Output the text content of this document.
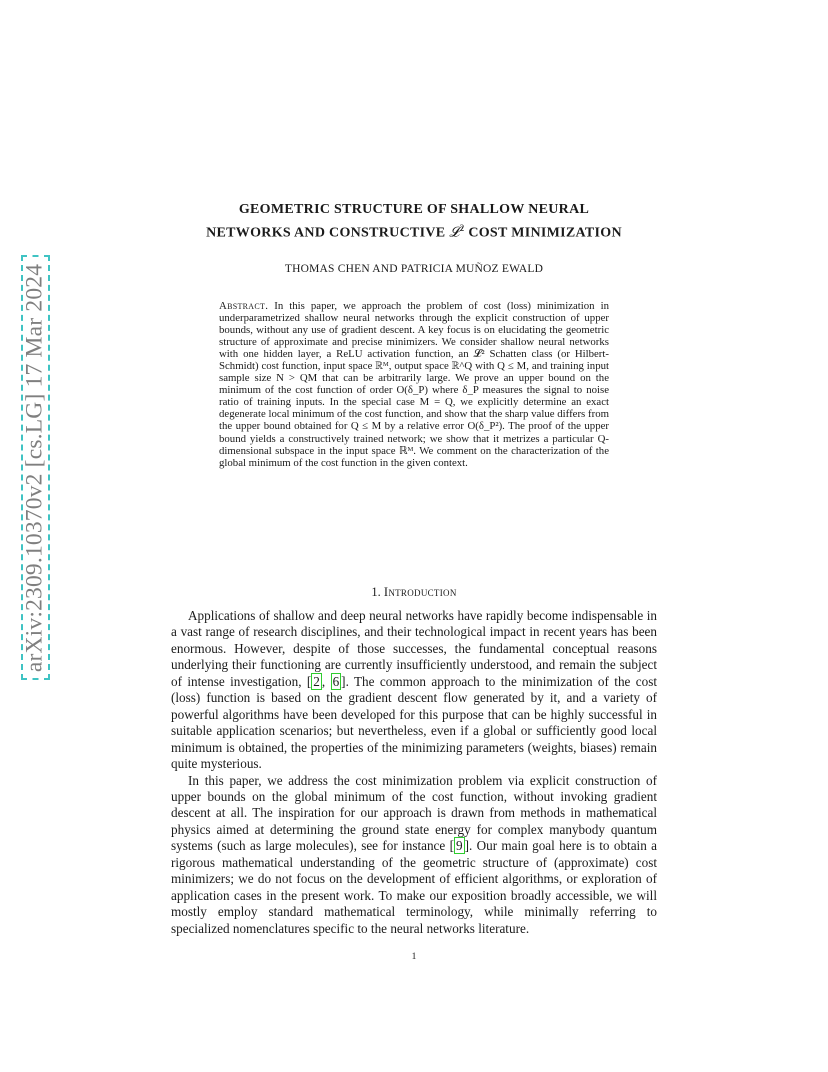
arXiv:2309.10370v2 [cs.LG] 17 Mar 2024
GEOMETRIC STRUCTURE OF SHALLOW NEURAL
NETWORKS AND CONSTRUCTIVE 𝓛$^2$ COST MINIMIZATION
THOMAS CHEN AND PATRICIA MUÑOZ EWALD
Abstract. In this paper, we approach the problem of cost (loss) minimization in underparametrized shallow neural networks through the explicit construction of upper bounds, without any use of gradient descent. A key focus is on elucidating the geometric structure of approximate and precise minimizers. We consider shallow neural networks with one hidden layer, a ReLU activation function, an 𝓛² Schatten class (or Hilbert-Schmidt) cost function, input space ℝᴹ, output space ℝ^Q with Q ≤ M, and training input sample size N > QM that can be arbitrarily large. We prove an upper bound on the minimum of the cost function of order O(δ_P) where δ_P measures the signal to noise ratio of training inputs. In the special case M = Q, we explicitly determine an exact degenerate local minimum of the cost function, and show that the sharp value differs from the upper bound obtained for Q ≤ M by a relative error O(δ_P²). The proof of the upper bound yields a constructively trained network; we show that it metrizes a particular Q-dimensional subspace in the input space ℝᴹ. We comment on the characterization of the global minimum of the cost function in the given context.
1. Introduction

Applications of shallow and deep neural networks have rapidly become indispensable in a vast range of research disciplines, and their technological impact in recent years has been enormous. However, despite of those successes, the fundamental conceptual reasons underlying their functioning are currently insufficiently understood, and remain the subject of intense investigation, [ 2 , 6 ]. The common approach to the minimization of the cost (loss) function is based on the gradient descent flow generated by it, and a variety of powerful algorithms have been developed for this purpose that can be highly successful in suitable application scenarios; but nevertheless, even if a global or sufficiently good local minimum is obtained, the properties of the minimizing parameters (weights, biases) remain quite mysterious.

In this paper, we address the cost minimization problem via explicit construction of upper bounds on the global minimum of the cost function, without invoking gradient descent at all. The inspiration for our approach is drawn from methods in mathematical physics aimed at determining the ground state energy for complex manybody quantum systems (such as large molecules), see for instance [ 9 ]. Our main goal here is to obtain a rigorous mathematical understanding of the geometric structure of (approximate) cost minimizers; we do not focus on the development of efficient algorithms, or exploration of application cases in the present work. To make our exposition broadly accessible, we will mostly employ standard mathematical terminology, while minimally referring to specialized nomenclatures specific to the neural networks literature.

1
